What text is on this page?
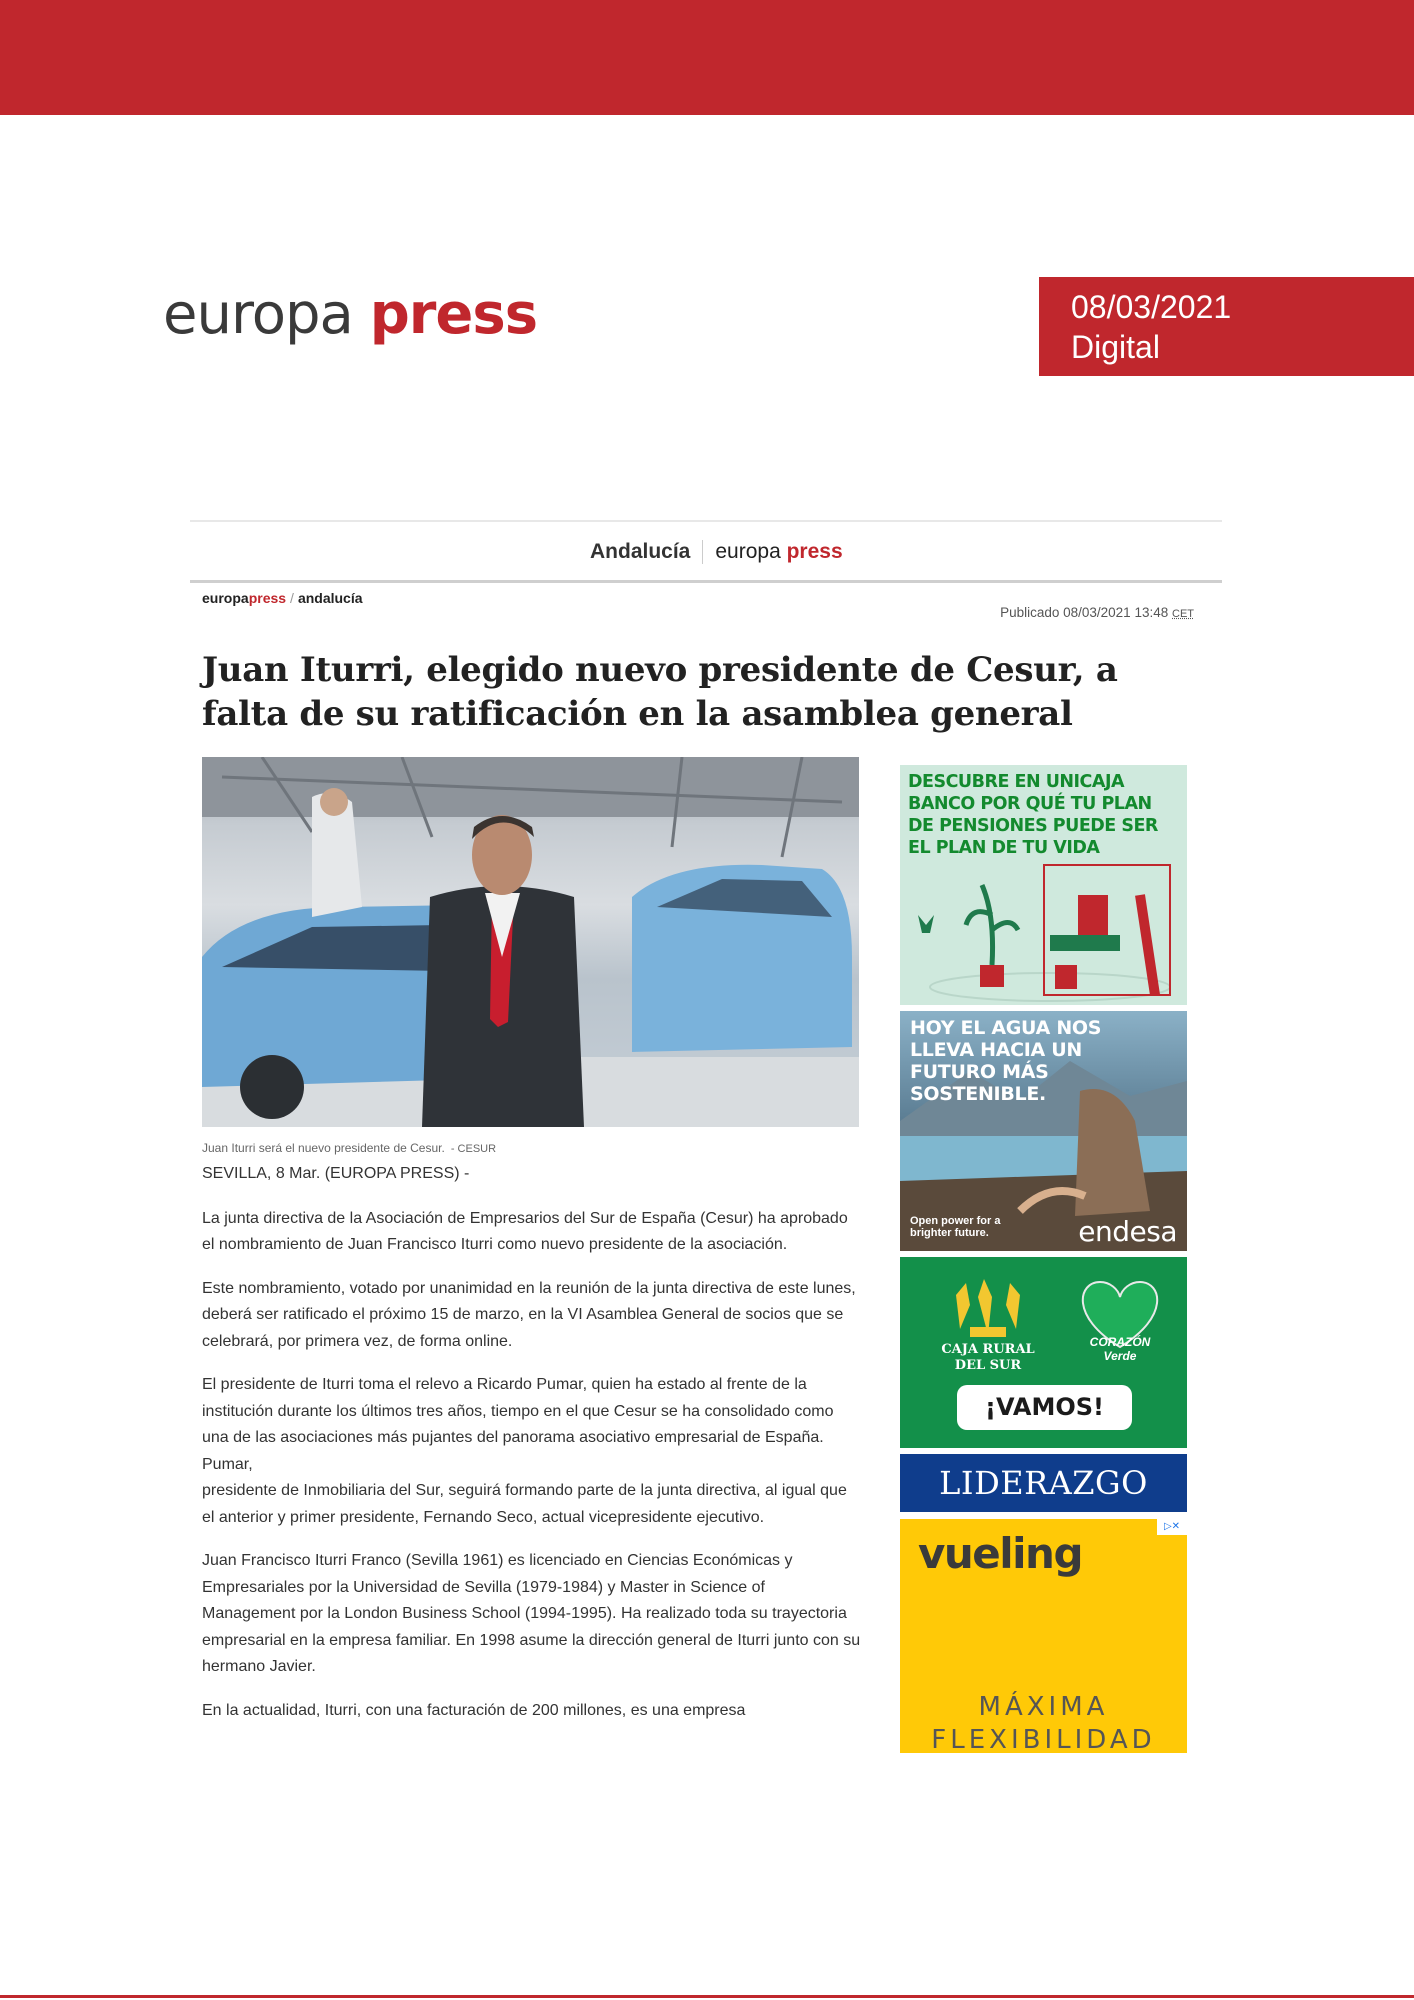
europa press	08/03/2021
Digital
Andalucía	europa press
europapress / andalucía
Publicado 08/03/2021 13:48 CET
Juan Iturri, elegido nuevo presidente de Cesur, a falta de su ratificación en la asamblea general
Juan Iturri será el nuevo presidente de Cesur. - CESUR

SEVILLA, 8 Mar. (EUROPA PRESS) -

La junta directiva de la Asociación de Empresarios del Sur de España (Cesur) ha aprobado el nombramiento de Juan Francisco Iturri como nuevo presidente de la asociación.

Este nombramiento, votado por unanimidad en la reunión de la junta directiva de este lunes, deberá ser ratificado el próximo 15 de marzo, en la VI Asamblea General de socios que se celebrará, por primera vez, de forma online.

El presidente de Iturri toma el relevo a Ricardo Pumar, quien ha estado al frente de la institución durante los últimos tres años, tiempo en el que Cesur se ha consolidado como una de las asociaciones más pujantes del panorama asociativo empresarial de España. Pumar,
presidente de Inmobiliaria del Sur, seguirá formando parte de la junta directiva, al igual que el anterior y primer presidente, Fernando Seco, actual vicepresidente ejecutivo.

Juan Francisco Iturri Franco (Sevilla 1961) es licenciado en Ciencias Económicas y Empresariales por la Universidad de Sevilla (1979-1984) y Master in Science of Management por la London Business School (1994-1995). Ha realizado toda su trayectoria empresarial en la empresa familiar. En 1998 asume la dirección general de Iturri junto con su hermano Javier.

En la actualidad, Iturri, con una facturación de 200 millones, es una empresa

DESCUBRE EN UNICAJA BANCO POR QUÉ TU PLAN DE PENSIONES PUEDE SER EL PLAN DE TU VIDA
HOY EL AGUA NOS LLEVA HACIA UN FUTURO MÁS SOSTENIBLE.
Open power for a brighter future.	endesa
CAJA RURAL DEL SUR
CORAZÓN Verde
¡VAMOS!
LIDERAZGO
vueling
▷✕
MÁXIMA FLEXIBILIDAD
